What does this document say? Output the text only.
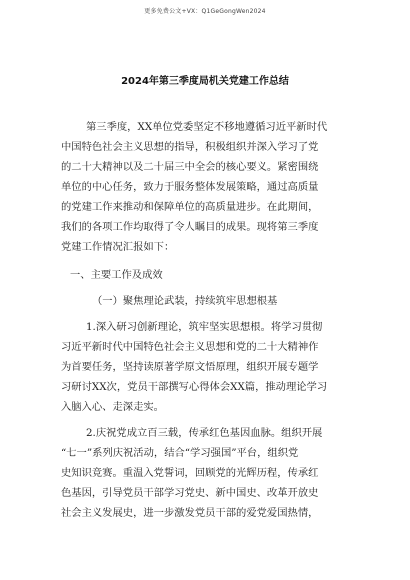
更多免费公文+VX：Q1GeGongWen2024
2024年第三季度局机关党建工作总结
第三季度，XX单位党委坚定不移地遵循习近平新时代
中国特色社会主义思想的指导，积极组织并深入学习了党
的二十大精神以及二十届三中全会的核心要义。紧密围绕
单位的中心任务，致力于服务整体发展策略，通过高质量
的党建工作来推动和保障单位的高质量进步。在此期间，
我们的各项工作均取得了令人瞩目的成果。现将第三季度
党建工作情况汇报如下：
一、主要工作及成效
（一）聚焦理论武装，持续筑牢思想根基
1.深入研习创新理论，筑牢坚实思想根。将学习贯彻
习近平新时代中国特色社会主义思想和党的二十大精神作
为首要任务，坚持读原著学原文悟原理，组织开展专题学
习研讨XX次，党员干部撰写心得体会XX篇，推动理论学习
入脑入心、走深走实。
2.庆祝党成立百三载，传承红色基因血脉。组织开展
“七一”系列庆祝活动，结合“学习强国”平台，组织党
史知识竞赛。重温入党誓词，回顾党的光辉历程，传承红
色基因，引导党员干部学习党史、新中国史、改革开放史
社会主义发展史，进一步激发党员干部的爱党爱国热情，
